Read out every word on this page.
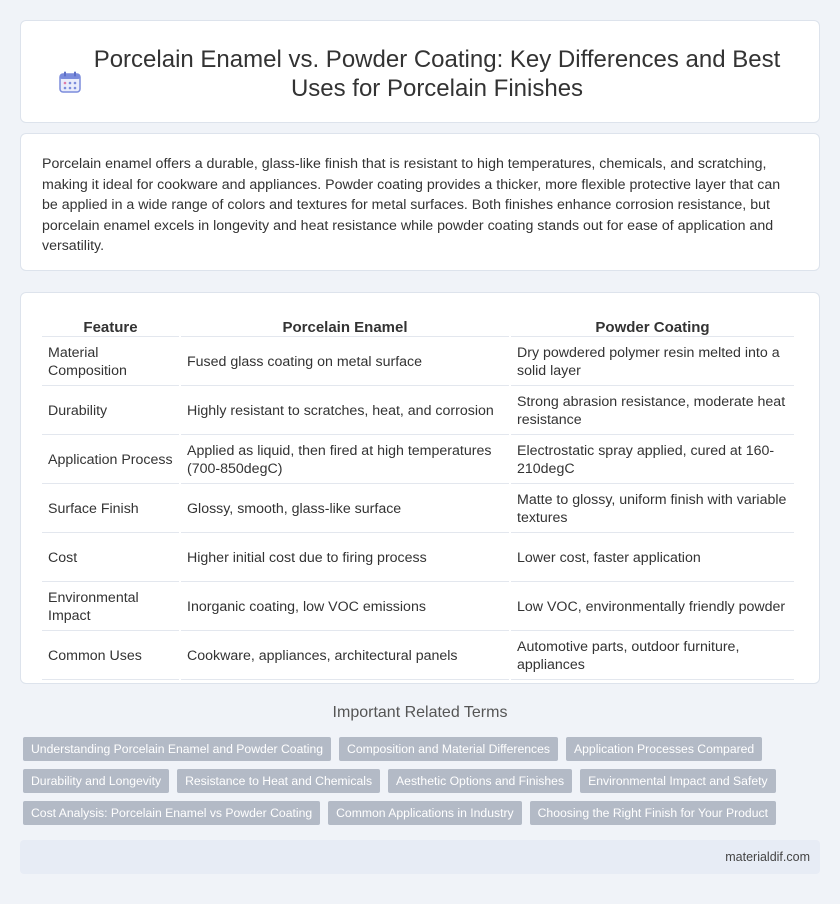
Porcelain Enamel vs. Powder Coating: Key Differences and Best Uses for Porcelain Finishes

Porcelain enamel offers a durable, glass-like finish that is resistant to high temperatures, chemicals, and scratching, making it ideal for cookware and appliances. Powder coating provides a thicker, more flexible protective layer that can be applied in a wide range of colors and textures for metal surfaces. Both finishes enhance corrosion resistance, but porcelain enamel excels in longevity and heat resistance while powder coating stands out for ease of application and versatility.

Feature	Porcelain Enamel	Powder Coating
Material Composition	Fused glass coating on metal surface	Dry powdered polymer resin melted into a solid layer
Durability	Highly resistant to scratches, heat, and corrosion	Strong abrasion resistance, moderate heat resistance
Application Process	Applied as liquid, then fired at high temperatures (700-850degC)	Electrostatic spray applied, cured at 160-210degC
Surface Finish	Glossy, smooth, glass-like surface	Matte to glossy, uniform finish with variable textures
Cost	Higher initial cost due to firing process	Lower cost, faster application
Environmental Impact	Inorganic coating, low VOC emissions	Low VOC, environmentally friendly powder
Common Uses	Cookware, appliances, architectural panels	Automotive parts, outdoor furniture, appliances
Important Related Terms
Understanding Porcelain Enamel and Powder Coating	Composition and Material Differences	Application Processes Compared
Durability and Longevity	Resistance to Heat and Chemicals	Aesthetic Options and Finishes	Environmental Impact and Safety
Cost Analysis: Porcelain Enamel vs Powder Coating	Common Applications in Industry	Choosing the Right Finish for Your Product
materialdif.com
